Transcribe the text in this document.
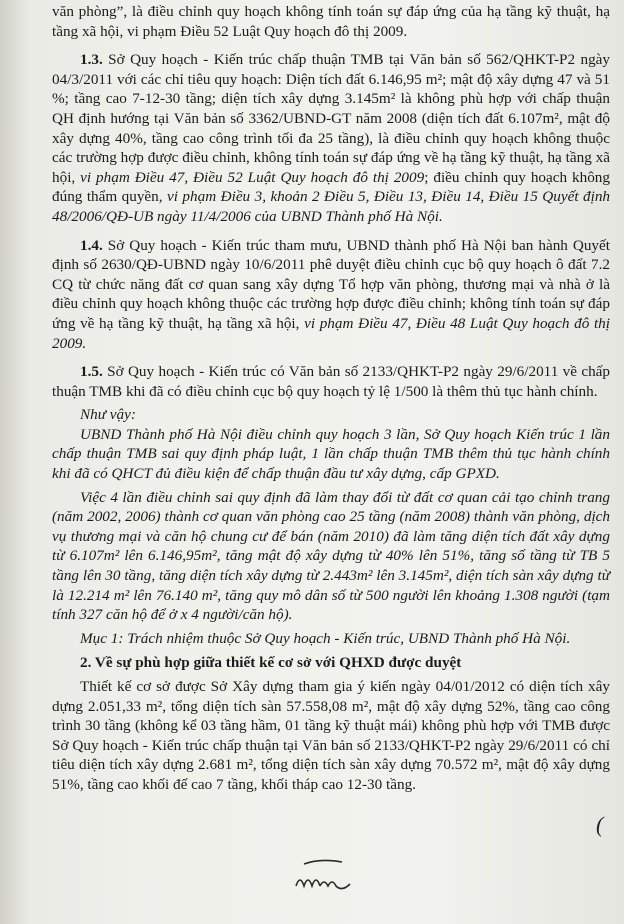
văn phòng”, là điều chỉnh quy hoạch không tính toán sự đáp ứng của hạ tầng kỹ thuật, hạ tầng xã hội, vi phạm Điều 52 Luật Quy hoạch đô thị 2009.

1.3. Sở Quy hoạch - Kiến trúc chấp thuận TMB tại Văn bản số 562/QHKT-P2 ngày 04/3/2011 với các chỉ tiêu quy hoạch: Diện tích đất 6.146,95 m²; mật độ xây dựng 47 và 51 %; tầng cao 7-12-30 tầng; diện tích xây dựng 3.145m² là không phù hợp với chấp thuận QH định hướng tại Văn bản số 3362/UBND-GT năm 2008 (diện tích đất 6.107m², mật độ xây dựng 40%, tầng cao công trình tối đa 25 tầng), là điều chỉnh quy hoạch không thuộc các trường hợp được điều chỉnh, không tính toán sự đáp ứng về hạ tầng kỹ thuật, hạ tầng xã hội, vi phạm Điều 47, Điều 52 Luật Quy hoạch đô thị 2009; điều chỉnh quy hoạch không đúng thẩm quyền, vi phạm Điều 3, khoản 2 Điều 5, Điều 13, Điều 14, Điều 15 Quyết định 48/2006/QĐ-UB ngày 11/4/2006 của UBND Thành phố Hà Nội.

1.4. Sở Quy hoạch - Kiến trúc tham mưu, UBND thành phố Hà Nội ban hành Quyết định số 2630/QĐ-UBND ngày 10/6/2011 phê duyệt điều chỉnh cục bộ quy hoạch ô đất 7.2 CQ từ chức năng đất cơ quan sang xây dựng Tổ hợp văn phòng, thương mại và nhà ở là điều chỉnh quy hoạch không thuộc các trường hợp được điều chỉnh; không tính toán sự đáp ứng về hạ tầng kỹ thuật, hạ tầng xã hội, vi phạm Điều 47, Điều 48 Luật Quy hoạch đô thị 2009.

1.5. Sở Quy hoạch - Kiến trúc có Văn bản số 2133/QHKT-P2 ngày 29/6/2011 về chấp thuận TMB khi đã có điều chỉnh cục bộ quy hoạch tỷ lệ 1/500 là thêm thủ tục hành chính.

Như vậy:

UBND Thành phố Hà Nội điều chỉnh quy hoạch 3 lần, Sở Quy hoạch Kiến trúc 1 lần chấp thuận TMB sai quy định pháp luật, 1 lần chấp thuận TMB thêm thủ tục hành chính khi đã có QHCT đủ điều kiện để chấp thuận đầu tư xây dựng, cấp GPXD.

Việc 4 lần điều chỉnh sai quy định đã làm thay đổi từ đất cơ quan cải tạo chỉnh trang (năm 2002, 2006) thành cơ quan văn phòng cao 25 tầng (năm 2008) thành văn phòng, dịch vụ thương mại và căn hộ chung cư để bán (năm 2010) đã làm tăng diện tích đất xây dựng từ 6.107m² lên 6.146,95m², tăng mật độ xây dựng từ 40% lên 51%, tăng số tầng từ TB 5 tầng lên 30 tầng, tăng diện tích xây dựng từ 2.443m² lên 3.145m², diện tích sàn xây dựng từ là 12.214 m² lên 76.140 m², tăng quy mô dân số từ 500 người lên khoảng 1.308 người (tạm tính 327 căn hộ để ở x 4 người/căn hộ).

Mục 1: Trách nhiệm thuộc Sở Quy hoạch - Kiến trúc, UBND Thành phố Hà Nội.

2. Về sự phù hợp giữa thiết kế cơ sở với QHXD được duyệt

Thiết kế cơ sở được Sở Xây dựng tham gia ý kiến ngày 04/01/2012 có diện tích xây dựng 2.051,33 m², tổng diện tích sàn 57.558,08 m², mật độ xây dựng 52%, tầng cao công trình 30 tầng (không kể 03 tầng hầm, 01 tầng kỹ thuật mái) không phù hợp với TMB được Sở Quy hoạch - Kiến trúc chấp thuận tại Văn bản số 2133/QHKT-P2 ngày 29/6/2011 có chỉ tiêu diện tích xây dựng 2.681 m², tổng diện tích sàn xây dựng 70.572 m², mật độ xây dựng 51%, tầng cao khối đế cao 7 tầng, khối tháp cao 12-30 tầng.

(
